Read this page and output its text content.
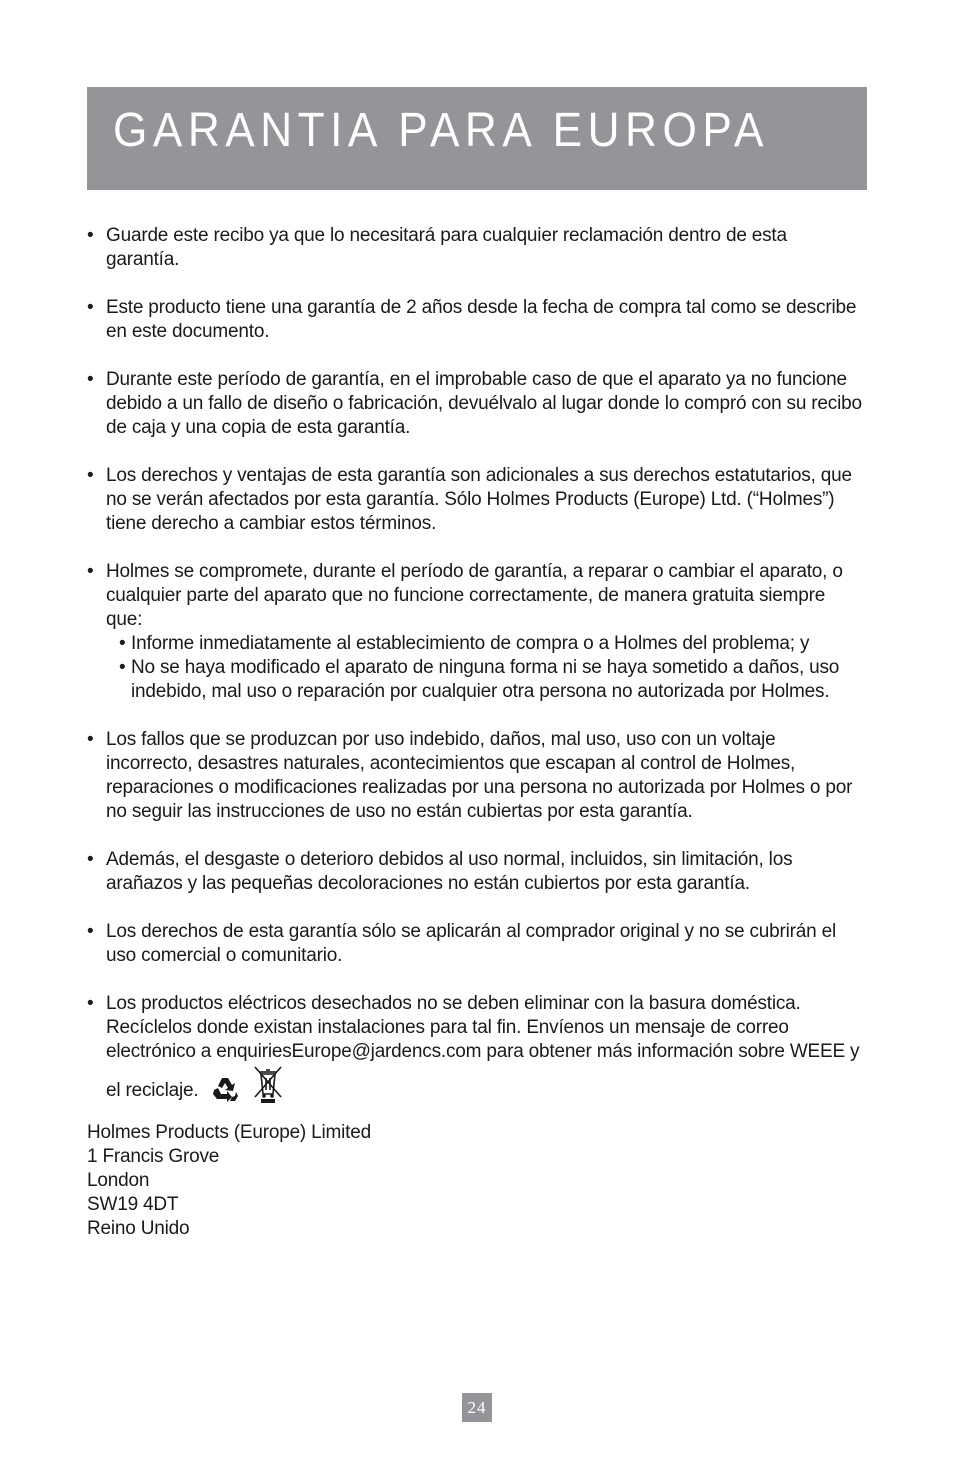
GARANTIA PARA EUROPA
• Guarde este recibo ya que lo necesitará para cualquier reclamación dentro de esta garantía.
• Este producto tiene una garantía de 2 años desde la fecha de compra tal como se describe en este documento.
• Durante este período de garantía, en el improbable caso de que el aparato ya no funcione debido a un fallo de diseño o fabricación, devuélvalo al lugar donde lo compró con su recibo de caja y una copia de esta garantía.
• Los derechos y ventajas de esta garantía son adicionales a sus derechos estatutarios, que no se verán afectados por esta garantía. Sólo Holmes Products (Europe) Ltd. (“Holmes”) tiene derecho a cambiar estos términos.
• Holmes se compromete, durante el período de garantía, a reparar o cambiar el aparato, o cualquier parte del aparato que no funcione correctamente, de manera gratuita siempre que:
• Informe inmediatamente al establecimiento de compra o a Holmes del problema; y
• No se haya modificado el aparato de ninguna forma ni se haya sometido a daños, uso indebido, mal uso o reparación por cualquier otra persona no autorizada por Holmes.
• Los fallos que se produzcan por uso indebido, daños, mal uso, uso con un voltaje incorrecto, desastres naturales, acontecimientos que escapan al control de Holmes, reparaciones o modificaciones realizadas por una persona no autorizada por Holmes o por no seguir las instrucciones de uso no están cubiertas por esta garantía.
• Además, el desgaste o deterioro debidos al uso normal, incluidos, sin limitación, los arañazos y las pequeñas decoloraciones no están cubiertos por esta garantía.
• Los derechos de esta garantía sólo se aplicarán al comprador original y no se cubrirán el uso comercial o comunitario.
• Los productos eléctricos desechados no se deben eliminar con la basura doméstica. Recíclelos donde existan instalaciones para tal fin. Envíenos un mensaje de correo electrónico a enquiriesEurope@jardencs.com para obtener más información sobre WEEE y el reciclaje.
Holmes Products (Europe) Limited
1 Francis Grove
London
SW19 4DT
Reino Unido
24
